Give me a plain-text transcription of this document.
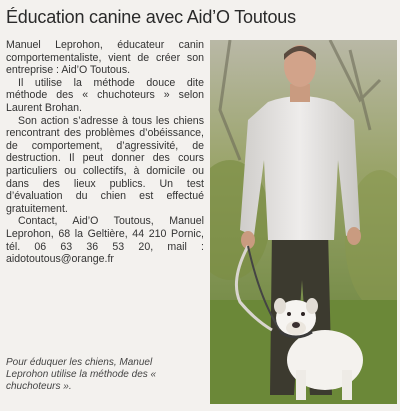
Éducation canine avec Aid’O Toutous

Manuel Leprohon, éducateur canin comportementaliste, vient de créer son entreprise : Aid’O Toutous.

Il utilise la méthode douce dite méthode des « chuchoteurs » selon Laurent Brohan.

Son action s’adresse à tous les chiens rencontrant des problèmes d’obéissance, de comportement, d’agressivité, de destruction. Il peut donner des cours particuliers ou collectifs, à domicile ou dans des lieux publics. Un test d’évaluation du chien est effectué gratuitement.

Contact, Aid’O Toutous, Manuel Leprohon, 68 la Geltière, 44 210 Pornic, tél. 06 63 36 53 20, mail : aidotoutous@orange.fr

Pour éduquer les chiens, Manuel Leprohon utilise la méthode des « chuchoteurs ».
